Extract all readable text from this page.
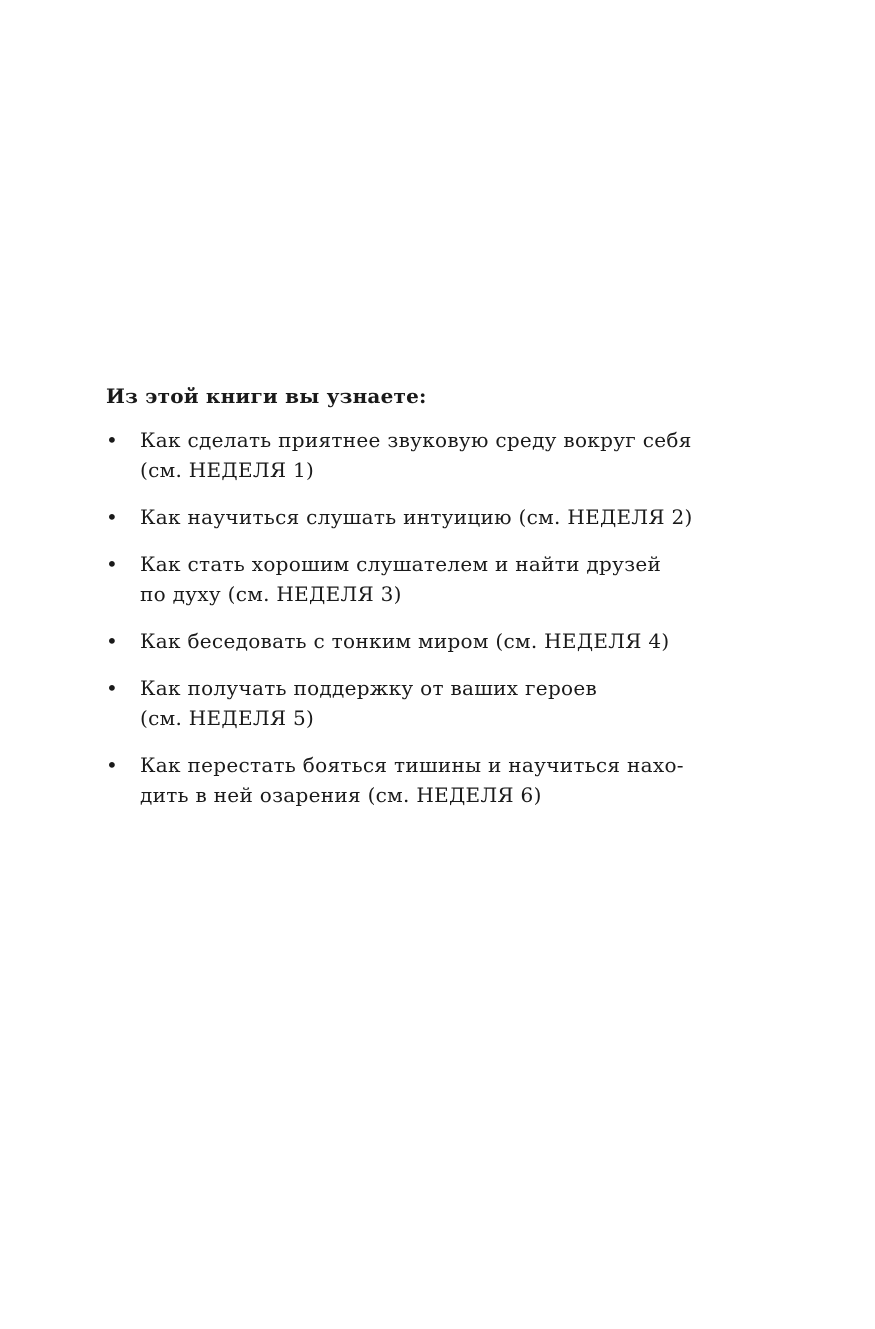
Из этой книги вы узнаете:
• Как сделать приятнее звуковую среду вокруг себя
(см. НЕДЕЛЯ 1)
• Как научиться слушать интуицию (см. НЕДЕЛЯ 2)
• Как стать хорошим слушателем и найти друзей
по духу (см. НЕДЕЛЯ 3)
• Как беседовать с тонким миром (см. НЕДЕЛЯ 4)
• Как получать поддержку от ваших героев
(см. НЕДЕЛЯ 5)
• Как перестать бояться тишины и научиться нахо-
дить в ней озарения (см. НЕДЕЛЯ 6)
